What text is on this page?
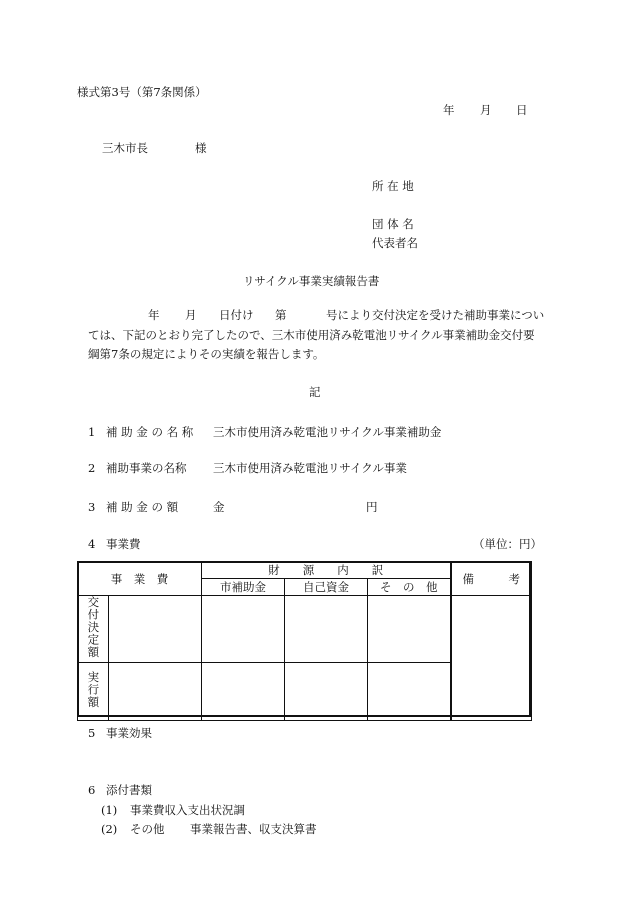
様式第3号（第7条関係）
年 月 日
三木市長	様
所 在 地
団 体 名
代表者名
リサイクル事業実績報告書
年 月 日付け 第	号により交付決定を受けた補助事業につい
ては、下記のとおり完了したので、三木市使用済み乾電池リサイクル事業補助金交付要
綱第7条の規定によりその実績を報告します。
記
1 補 助 金 の 名 称 三木市使用済み乾電池リサイクル事業補助金
2 補助事業の名称 三木市使用済み乾電池リサイクル事業
3 補 助 金 の 額	金	円
4 事業費	（単位：円）
事　業　費		財　　源　　内　　訳			備　　　考
		市補助金	自己資金	そ　の　他	
交付決定額					
実行額					
5 事業効果
6 添付書類
(1) 事業費収入支出状況調
(2) その他 事業報告書、収支決算書
